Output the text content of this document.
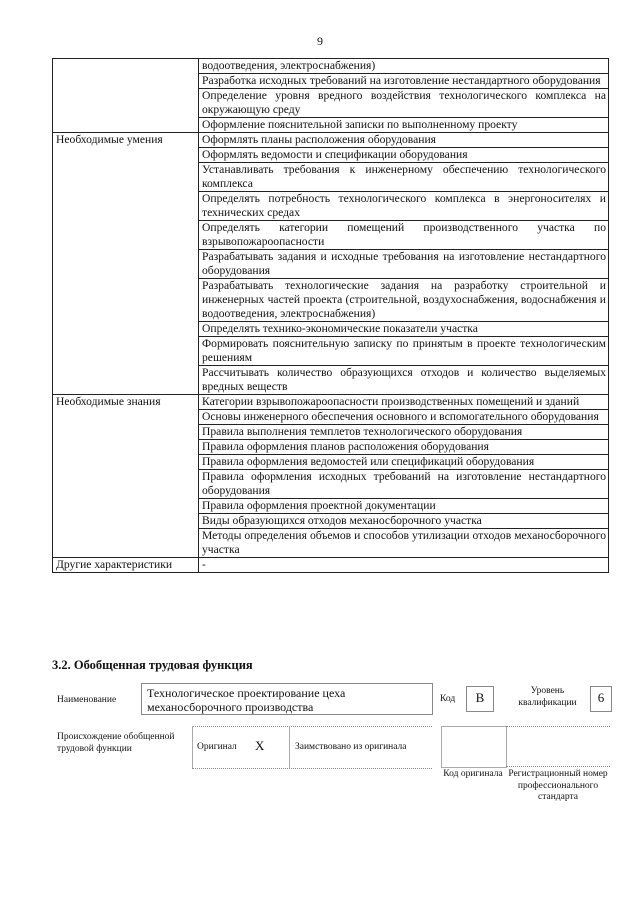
9
	водоотведения, электроснабжения)
	Разработка исходных требований на изготовление нестандартного оборудования
	Определение уровня вредного воздействия технологического комплекса на окружающую среду
	Оформление пояснительной записки по выполненному проекту
Необходимые умения	Оформлять планы расположения оборудования
	Оформлять ведомости и спецификации оборудования
	Устанавливать требования к инженерному обеспечению технологического комплекса
	Определять потребность технологического комплекса в энергоносителях и технических средах
	Определять категории помещений производственного участка по взрывопожароопасности
	Разрабатывать задания и исходные требования на изготовление нестандартного оборудования
	Разрабатывать технологические задания на разработку строительной и инженерных частей проекта (строительной, воздухоснабжения, водоснабжения и водоотведения, электроснабжения)
	Определять технико-экономические показатели участка
	Формировать пояснительную записку по принятым в проекте технологическим решениям
	Рассчитывать количество образующихся отходов и количество выделяемых вредных веществ
Необходимые знания	Категории взрывопожароопасности производственных помещений и зданий
	Основы инженерного обеспечения основного и вспомогательного оборудования
	Правила выполнения темплетов технологического оборудования
	Правила оформления планов расположения оборудования
	Правила оформления ведомостей или спецификаций оборудования
	Правила оформления исходных требований на изготовление нестандартного оборудования
	Правила оформления проектной документации
	Виды образующихся отходов механосборочного участка
	Методы определения объемов и способов утилизации отходов механосборочного участка
Другие характеристики	-
3.2. Обобщенная трудовая функция
Наименование	Технологическое проектирование цеха механосборочного производства
Код	B	Уровень квалификации	6
Происхождение обобщенной трудовой функции	Оригинал X	Заимствовано из оригинала
Код оригинала Регистрационный номер профессионального стандарта
